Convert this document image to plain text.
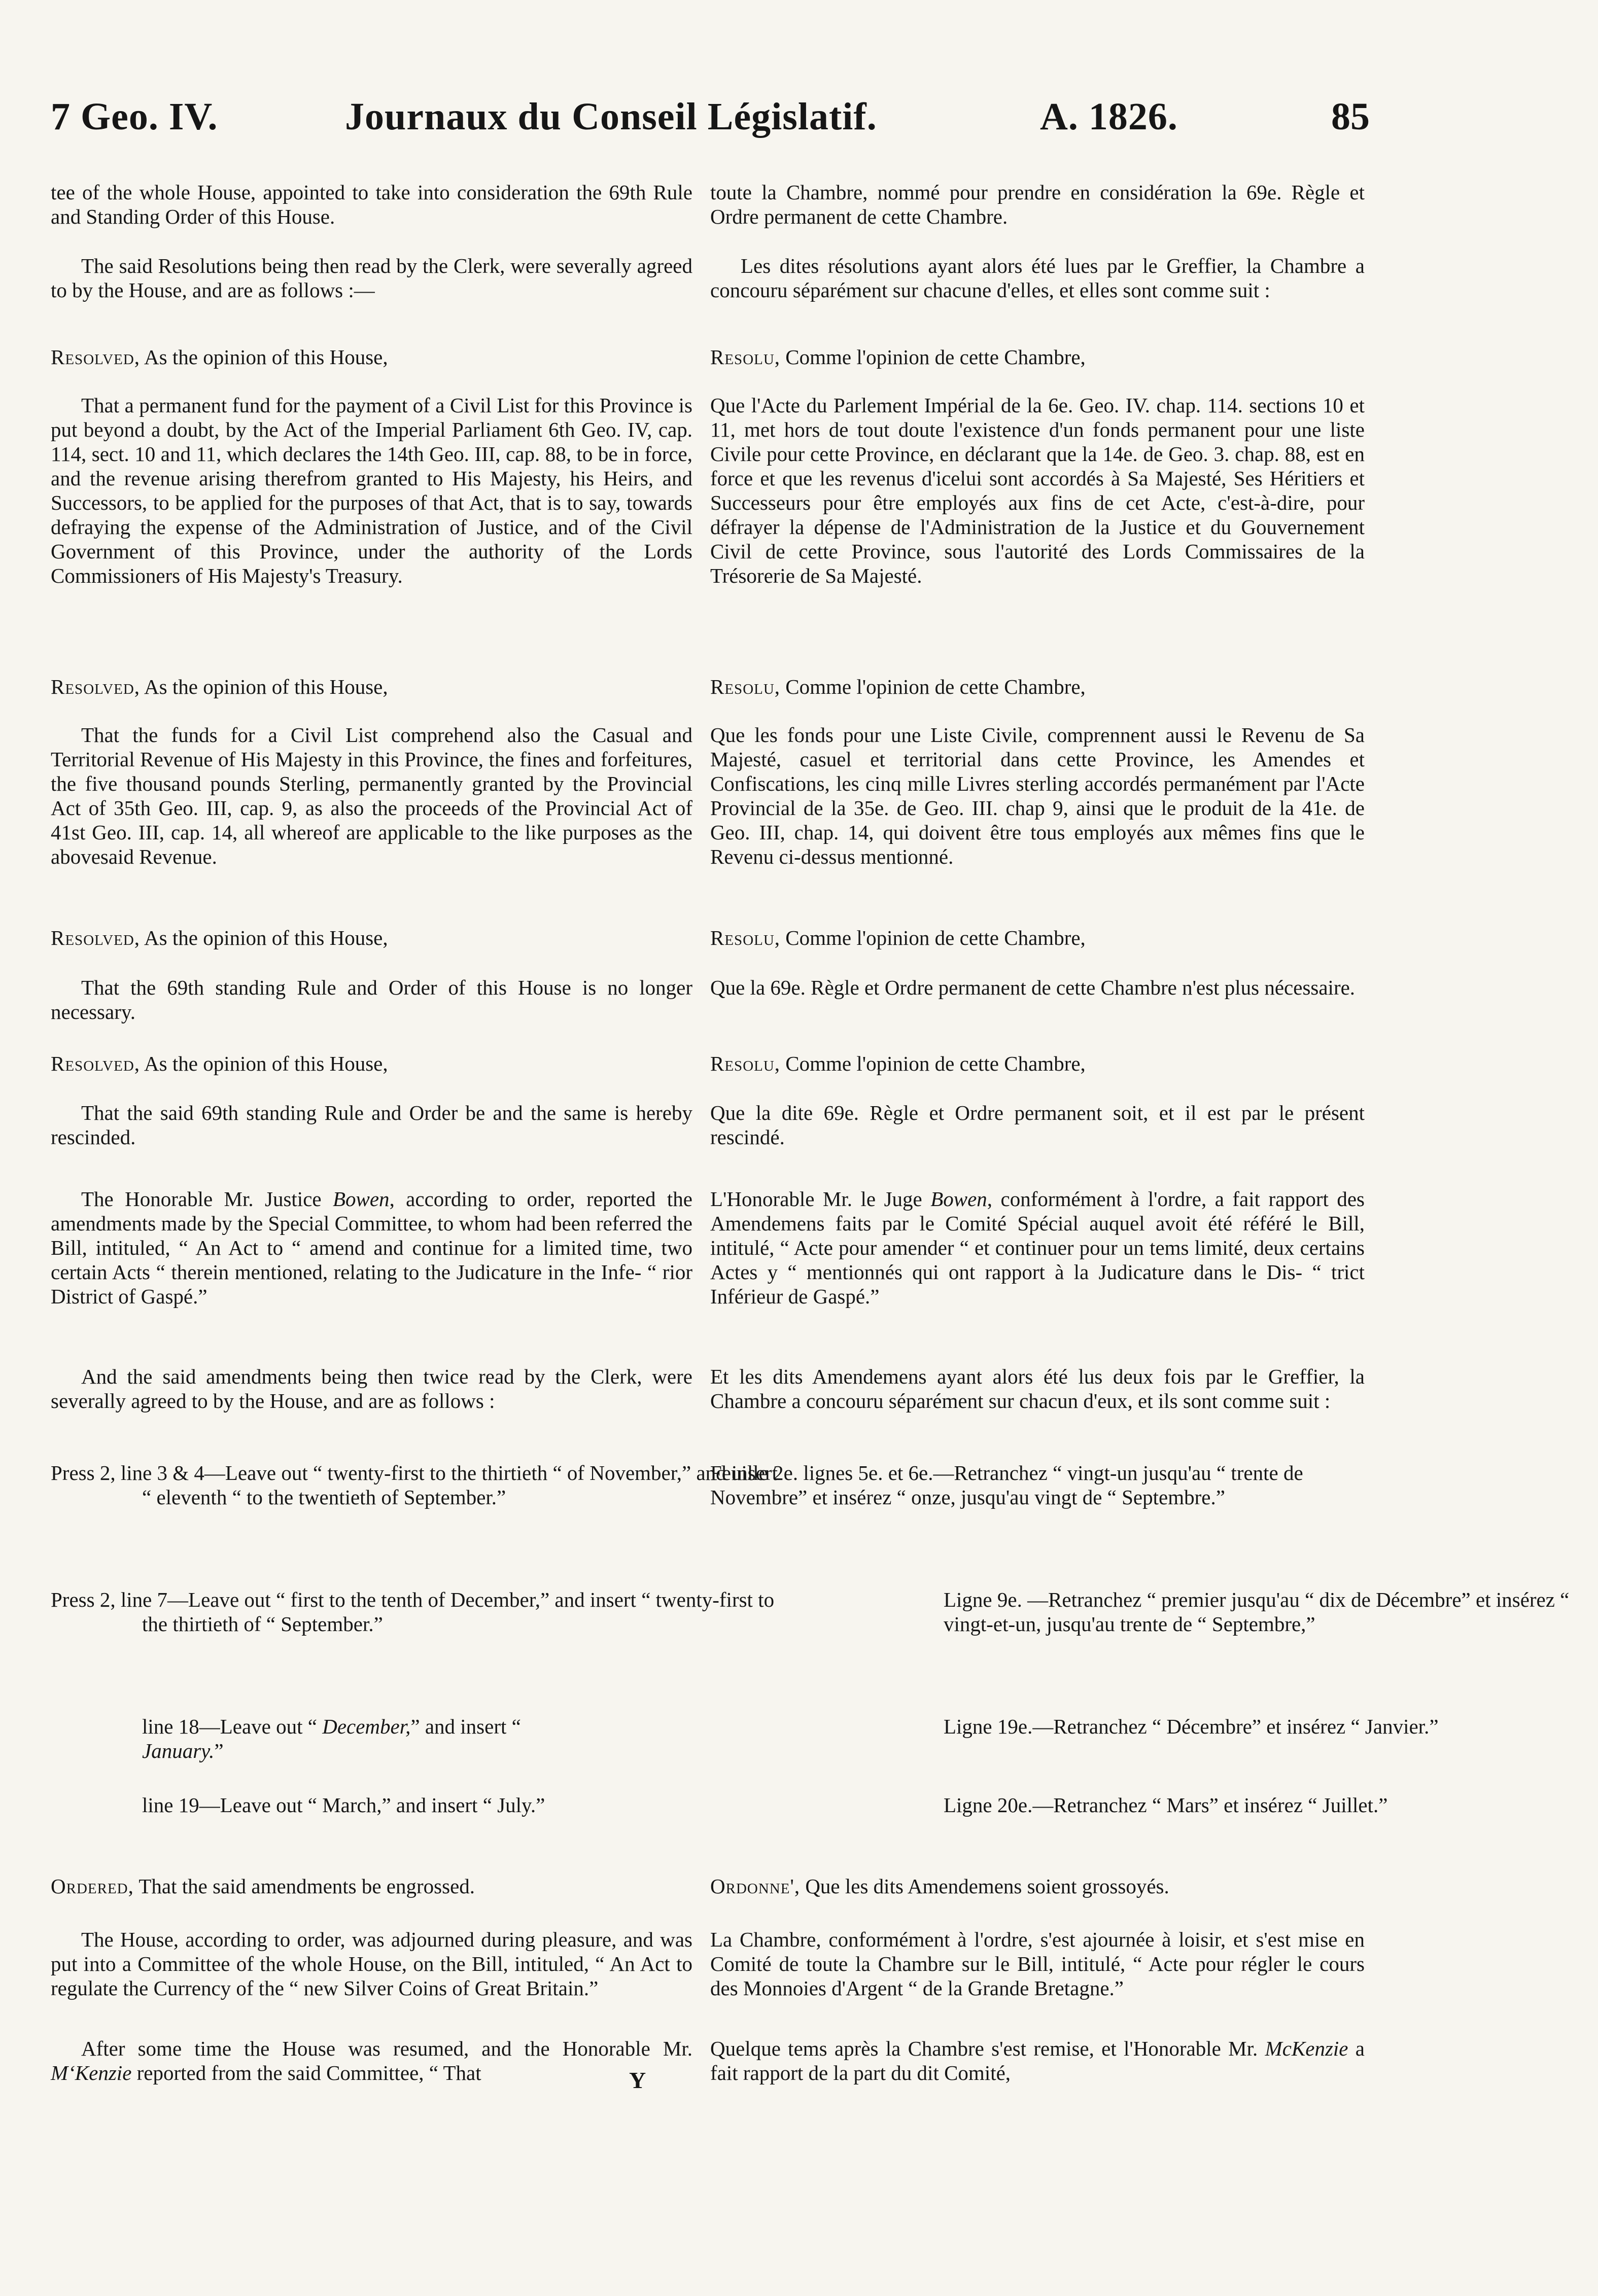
7 Geo. IV.	Journaux du Conseil Législatif.	A. 1826.	85
tee of the whole House, appointed to take into consideration the 69th Rule and Standing Order of this House.
The said Resolutions being then read by the Clerk, were severally agreed to by the House, and are as follows :—
Resolved, As the opinion of this House,
That a permanent fund for the payment of a Civil List for this Province is put beyond a doubt, by the Act of the Imperial Parliament 6th Geo. IV, cap. 114, sect. 10 and 11, which declares the 14th Geo. III, cap. 88, to be in force, and the revenue arising therefrom granted to His Majesty, his Heirs, and Successors, to be applied for the purposes of that Act, that is to say, towards defraying the expense of the Administration of Justice, and of the Civil Government of this Province, under the authority of the Lords Commissioners of His Majesty's Treasury.
Resolved, As the opinion of this House,
That the funds for a Civil List comprehend also the Casual and Territorial Revenue of His Majesty in this Province, the fines and forfeitures, the five thousand pounds Sterling, permanently granted by the Provincial Act of 35th Geo. III, cap. 9, as also the proceeds of the Provincial Act of 41st Geo. III, cap. 14, all whereof are applicable to the like purposes as the abovesaid Revenue.
Resolved, As the opinion of this House,
That the 69th standing Rule and Order of this House is no longer necessary.
Resolved, As the opinion of this House,
That the said 69th standing Rule and Order be and the same is hereby rescinded.
The Honorable Mr. Justice Bowen, according to order, reported the amendments made by the Special Committee, to whom had been referred the Bill, intituled, “ An Act to “ amend and continue for a limited time, two certain Acts “ therein mentioned, relating to the Judicature in the Infe- “ rior District of Gaspé.”
And the said amendments being then twice read by the Clerk, were severally agreed to by the House, and are as follows :
Press 2, line 3 & 4—Leave out “ twenty-first to the thirtieth “ of November,” and insert “ eleventh “ to the twentieth of September.”
Press 2, line 7—Leave out “ first to the tenth of December,” and insert “ twenty-first to the thirtieth of “ September.”
line 18—Leave out “ December,” and insert “ January.”
line 19—Leave out “ March,” and insert “ July.”
Ordered, That the said amendments be engrossed.
The House, according to order, was adjourned during pleasure, and was put into a Committee of the whole House, on the Bill, intituled, “ An Act to regulate the Currency of the “ new Silver Coins of Great Britain.”
After some time the House was resumed, and the Honorable Mr. M‘Kenzie reported from the said Committee, “ That
toute la Chambre, nommé pour prendre en considération la 69e. Règle et Ordre permanent de cette Chambre.
Les dites résolutions ayant alors été lues par le Greffier, la Chambre a concouru séparément sur chacune d'elles, et elles sont comme suit :
Resolu, Comme l'opinion de cette Chambre,
Que l'Acte du Parlement Impérial de la 6e. Geo. IV. chap. 114. sections 10 et 11, met hors de tout doute l'existence d'un fonds permanent pour une liste Civile pour cette Province, en déclarant que la 14e. de Geo. 3. chap. 88, est en force et que les revenus d'icelui sont accordés à Sa Majesté, Ses Héritiers et Successeurs pour être employés aux fins de cet Acte, c'est-à-dire, pour défrayer la dépense de l'Administration de la Justice et du Gouvernement Civil de cette Province, sous l'autorité des Lords Commissaires de la Trésorerie de Sa Majesté.
Resolu, Comme l'opinion de cette Chambre,
Que les fonds pour une Liste Civile, comprennent aussi le Revenu de Sa Majesté, casuel et territorial dans cette Province, les Amendes et Confiscations, les cinq mille Livres sterling accordés permanément par l'Acte Provincial de la 35e. de Geo. III. chap 9, ainsi que le produit de la 41e. de Geo. III, chap. 14, qui doivent être tous employés aux mêmes fins que le Revenu ci-dessus mentionné.
Resolu, Comme l'opinion de cette Chambre,
Que la 69e. Règle et Ordre permanent de cette Chambre n'est plus nécessaire.
Resolu, Comme l'opinion de cette Chambre,
Que la dite 69e. Règle et Ordre permanent soit, et il est par le présent rescindé.
L'Honorable Mr. le Juge Bowen, conformément à l'ordre, a fait rapport des Amendemens faits par le Comité Spécial auquel avoit été référé le Bill, intitulé, “ Acte pour amender “ et continuer pour un tems limité, deux certains Actes y “ mentionnés qui ont rapport à la Judicature dans le Dis- “ trict Inférieur de Gaspé.”
Et les dits Amendemens ayant alors été lus deux fois par le Greffier, la Chambre a concouru séparément sur chacun d'eux, et ils sont comme suit :
Feuille 2e. lignes 5e. et 6e.—Retranchez “ vingt-un jusqu'au “ trente de Novembre” et insérez “ onze, jusqu'au vingt de “ Septembre.”
Ligne 9e. —Retranchez “ premier jusqu'au “ dix de Décembre” et insérez “ vingt-et-un, jusqu'au trente de “ Septembre,”
Ligne 19e.—Retranchez “ Décembre” et insérez “ Janvier.”
Ligne 20e.—Retranchez “ Mars” et insérez “ Juillet.”
Ordonne', Que les dits Amendemens soient grossoyés.
La Chambre, conformément à l'ordre, s'est ajournée à loisir, et s'est mise en Comité de toute la Chambre sur le Bill, intitulé, “ Acte pour régler le cours des Monnoies d'Argent “ de la Grande Bretagne.”
Quelque tems après la Chambre s'est remise, et l'Honorable Mr. McKenzie a fait rapport de la part du dit Comité,
Y
